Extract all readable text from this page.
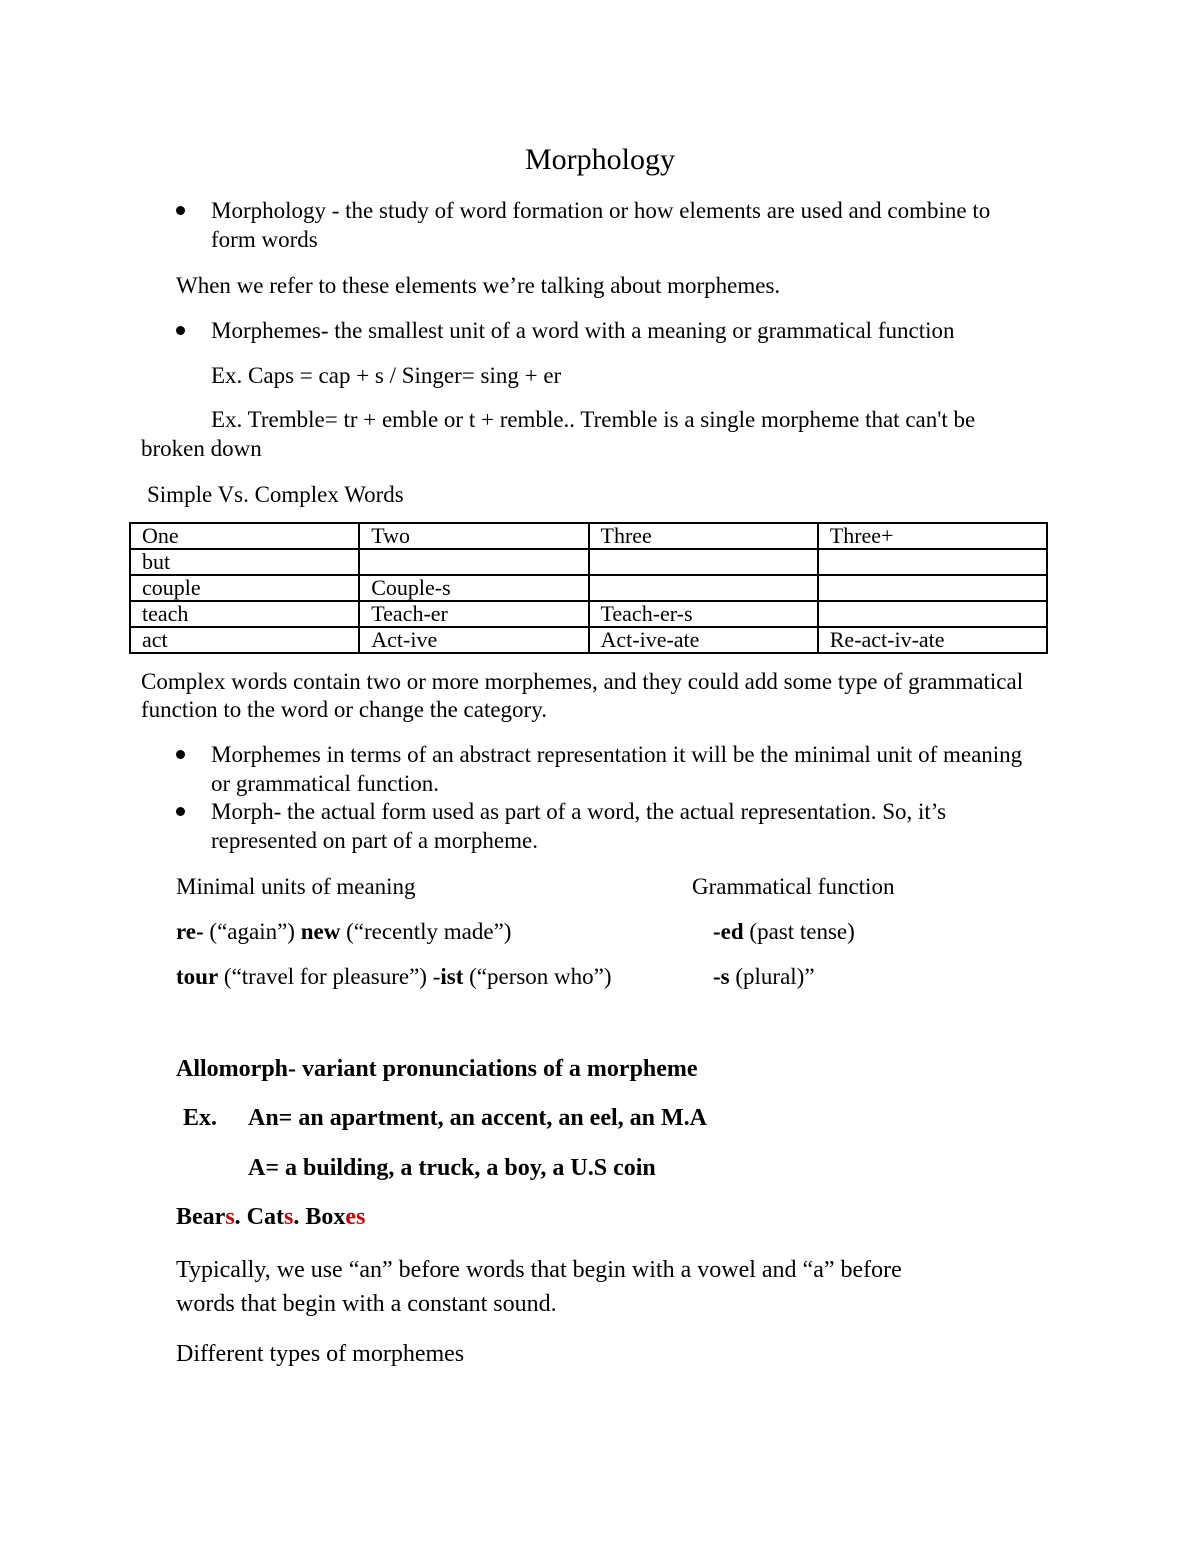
Morphology
Morphology - the study of word formation or how elements are used and combine to
form words
When we refer to these elements we’re talking about morphemes.
Morphemes- the smallest unit of a word with a meaning or grammatical function
Ex. Caps = cap + s / Singer= sing + er
Ex. Tremble= tr + emble or t + remble.. Tremble is a single morpheme that can't be
broken down
Simple Vs. Complex Words
One	Two	Three	Three+
but			
couple	Couple-s		
teach	Teach-er	Teach-er-s	
act	Act-ive	Act-ive-ate	Re-act-iv-ate
Complex words contain two or more morphemes, and they could add some type of grammatical
function to the word or change the category.
Morphemes in terms of an abstract representation it will be the minimal unit of meaning
or grammatical function.
Morph- the actual form used as part of a word, the actual representation. So, it’s
represented on part of a morpheme.
Minimal units of meaning	Grammatical function
re- (“again”) new (“recently made”)	-ed (past tense)
tour (“travel for pleasure”) -ist (“person who”)	-s (plural)”
Allomorph- variant pronunciations of a morpheme
Ex. An= an apartment, an accent, an eel, an M.A
A= a building, a truck, a boy, a U.S coin
Bears. Cats. Boxes
Typically, we use “an” before words that begin with a vowel and “a” before
words that begin with a constant sound.
Different types of morphemes
